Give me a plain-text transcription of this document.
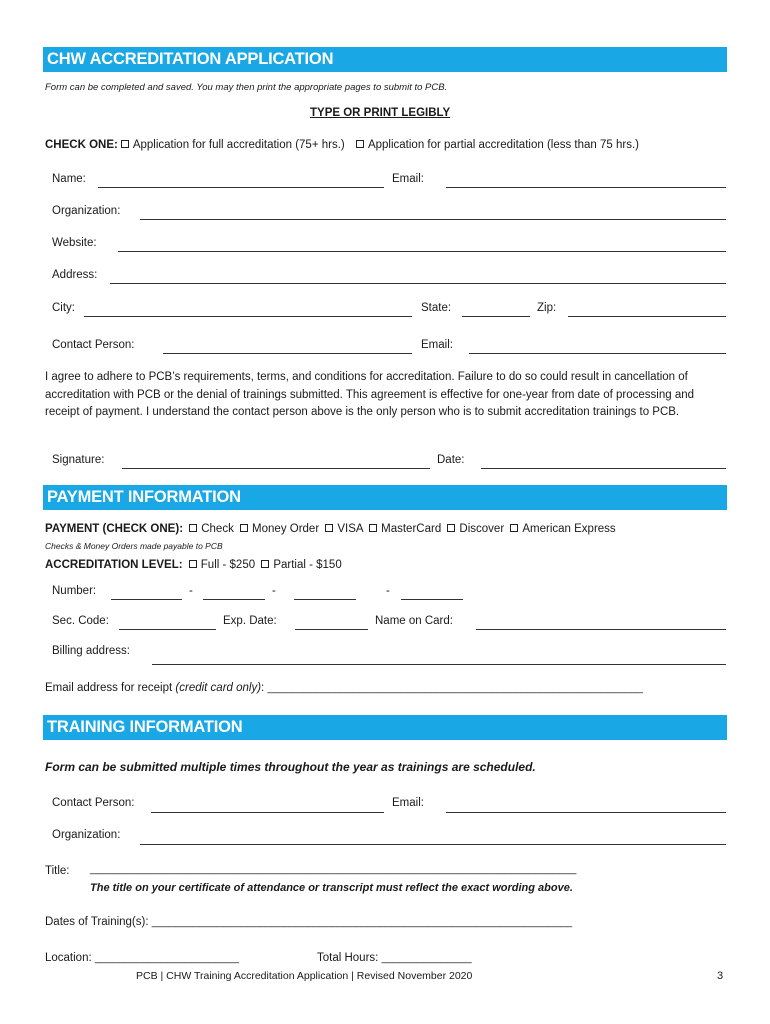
CHW ACCREDITATION APPLICATION
Form can be completed and saved. You may then print the appropriate pages to submit to PCB.
TYPE OR PRINT LEGIBLY
CHECK ONE: Application for full accreditation (75+ hrs.) Application for partial accreditation (less than 75 hrs.)
Name:	Email:
Organization:
Website:
Address:
City:	State:	Zip:
Contact Person:	Email:
I agree to adhere to PCB’s requirements, terms, and conditions for accreditation. Failure to do so could result in cancellation of accreditation with PCB or the denial of trainings submitted. This agreement is effective for one-year from date of processing and receipt of payment. I understand the contact person above is the only person who is to submit accreditation trainings to PCB.
Signature:	Date:
PAYMENT INFORMATION
PAYMENT (CHECK ONE): Check Money Order VISA MasterCard Discover American Express
Checks & Money Orders made payable to PCB
ACCREDITATION LEVEL: Full - $250 Partial - $150
Number:	-	-	-
Sec. Code:	Exp. Date:	Name on Card:
Billing address:
Email address for receipt (credit card only): ______________________________________________________________
TRAINING INFORMATION
Form can be submitted multiple times throughout the year as trainings are scheduled.
Contact Person:	Email:
Organization:
Title: _________________________________________________________________________________
The title on your certificate of attendance or transcript must reflect the exact wording above.
Dates of Training(s): ______________________________________________________________________
Location: ________________________	Total Hours: _______________
PCB | CHW Training Accreditation Application | Revised November 2020	3
